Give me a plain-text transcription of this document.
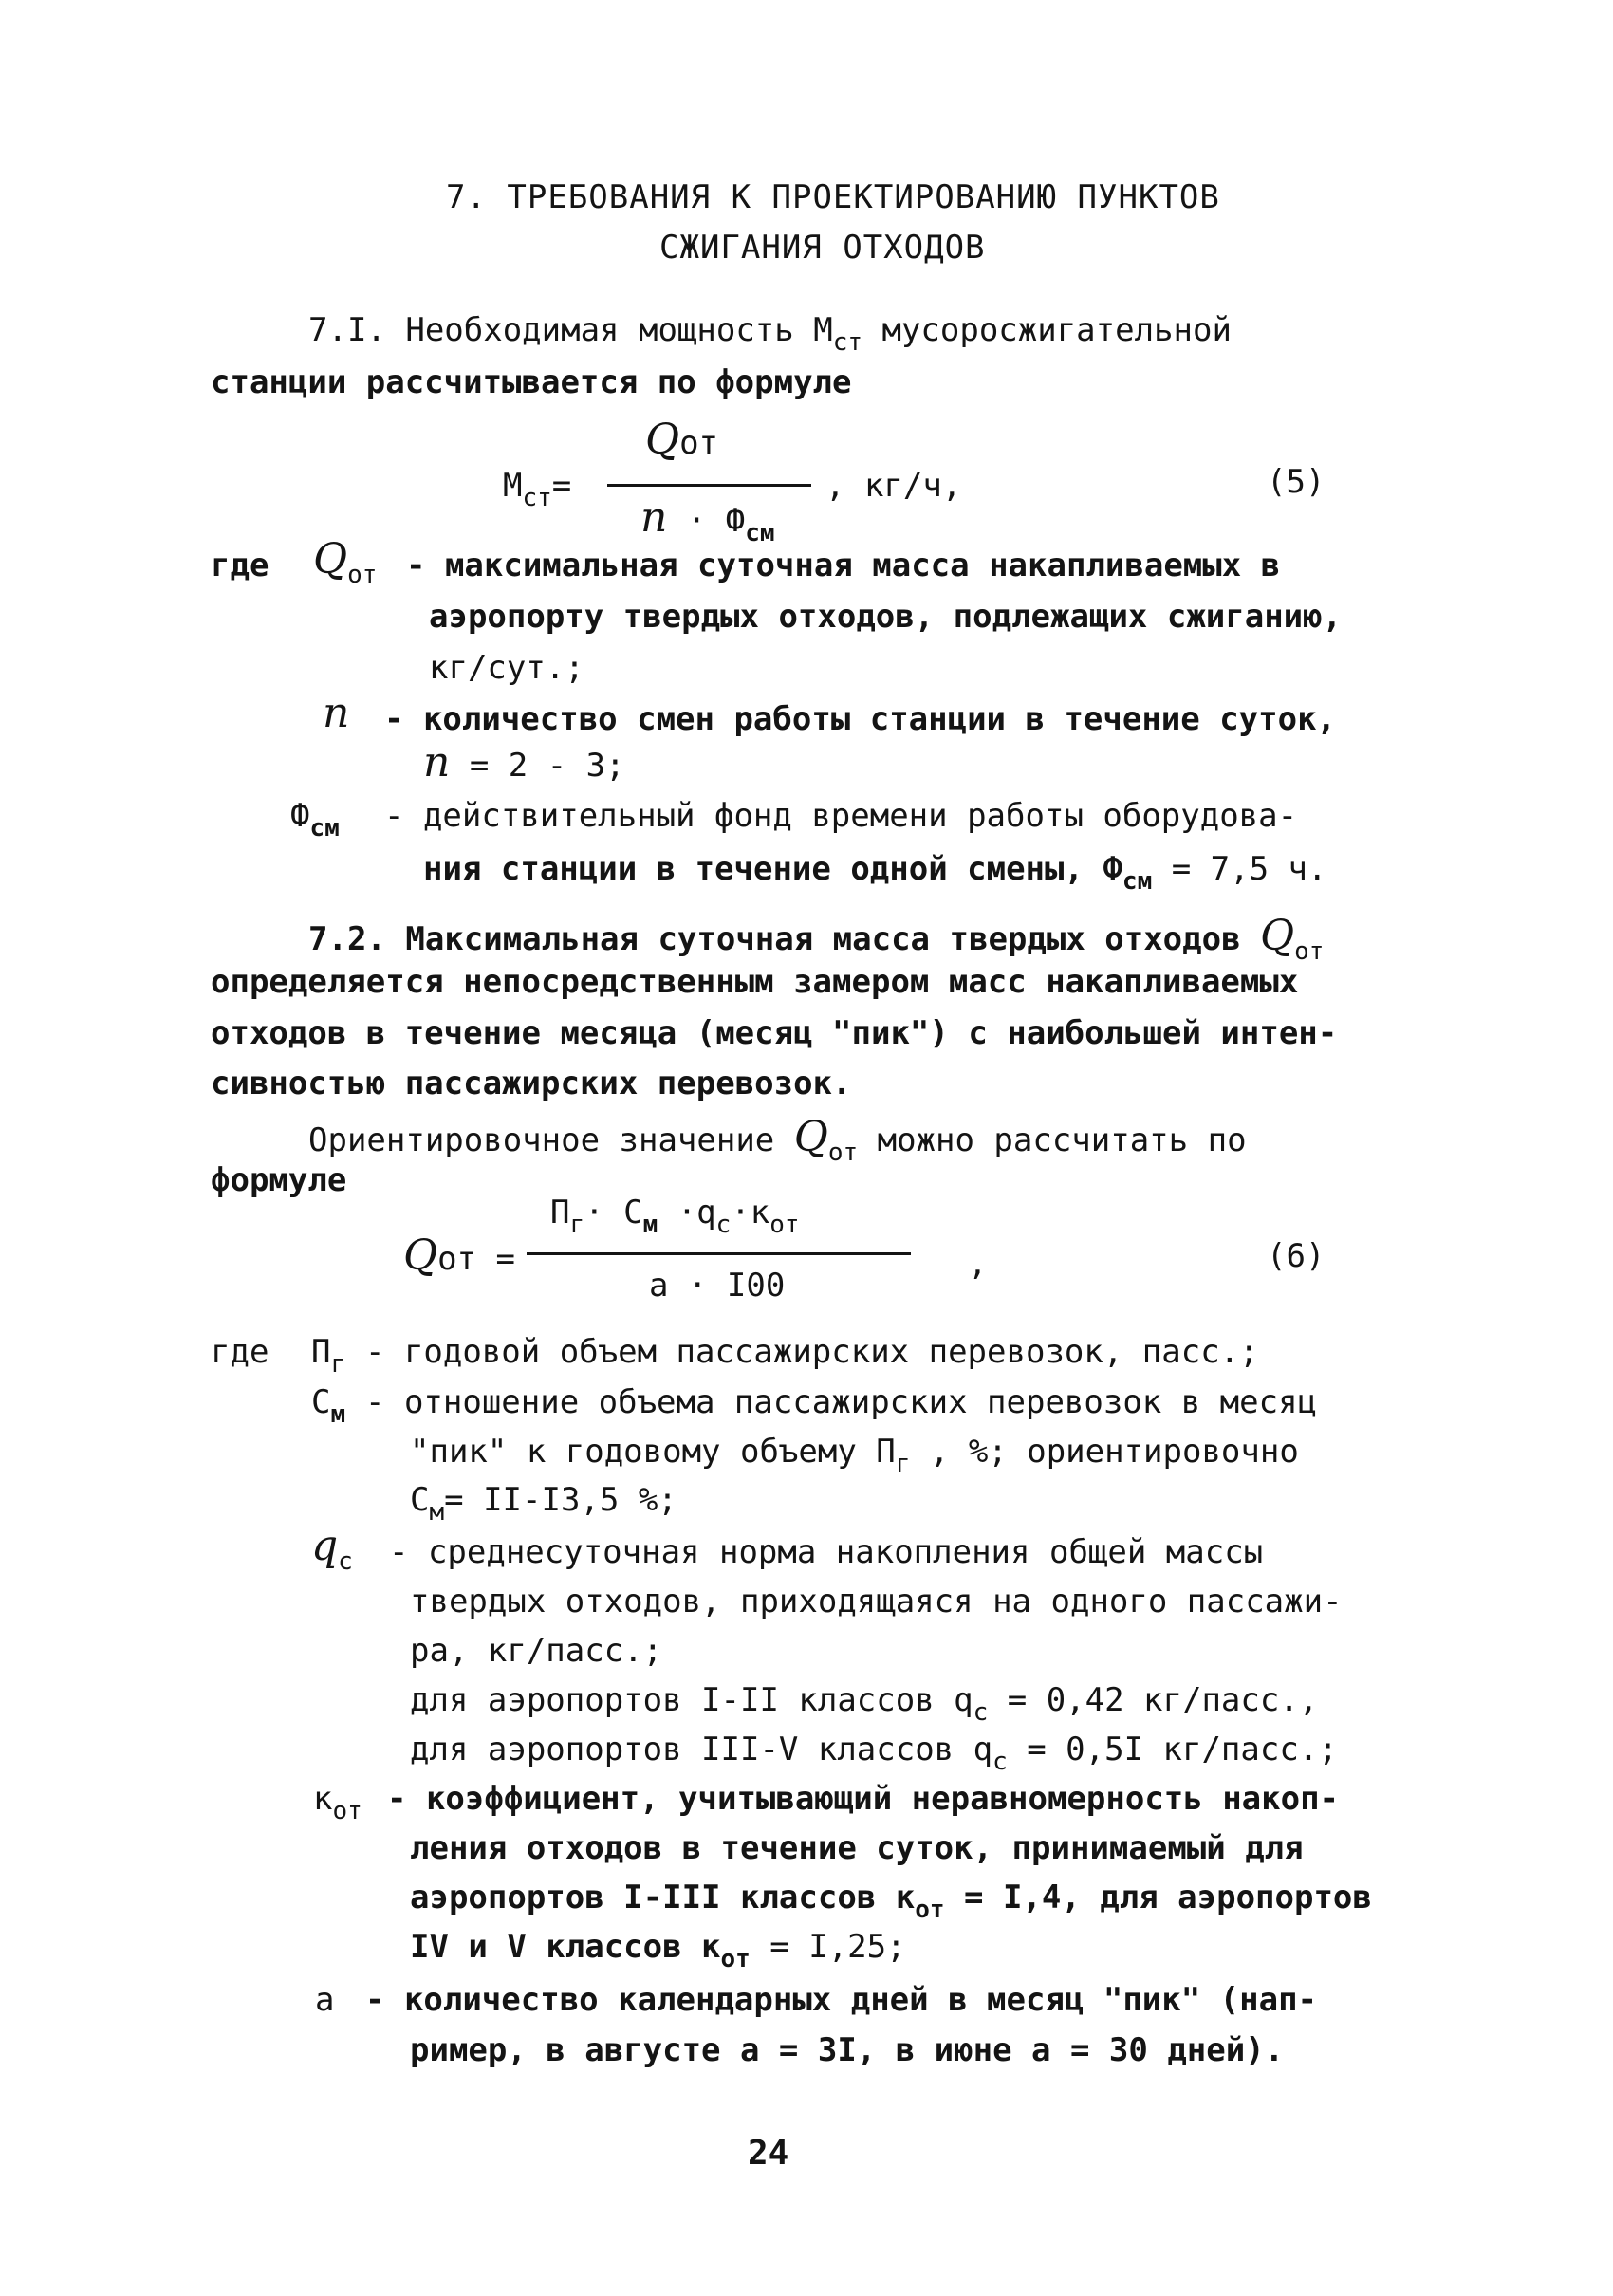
7. ТРЕБОВАНИЯ К ПРОЕКТИРОВАНИЮ ПУНКТОВ
СЖИГАНИЯ ОТХОДОВ
7.I. Необходимая мощность $М_{ст}$ мусоросжигательной
станции рассчитывается по формуле
$М_{ст}=$
Qот
$n \cdot Ф_{см}$
, кг/ч,	(5)
где $Q_{от}$ - максимальная суточная масса накапливаемых в
аэропорту твердых отходов, подлежащих сжиганию,
кг/сут.;
n - количество смен работы станции в течение суток,
n = 2 - 3;
$Ф_{см}$ - действительный фонд времени работы оборудова-
ния станции в течение одной смены, $Ф_{см} = 7,5$ ч.
7.2. Максимальная суточная масса твердых отходов $Q_{от}$
определяется непосредственным замером масс накапливаемых
отходов в течение месяца (месяц "пик") с наибольшей интен-
сивностью пассажирских перевозок.
Ориентировочное значение $Q_{от}$ можно рассчитать по
формуле
Qот =
$П_г\cdot С_м \cdot q_c\cdot к_{от}$
а · I00
,	(6)
где $П_г$ - годовой объем пассажирских перевозок, пасс.;
$С_м$ - отношение объема пассажирских перевозок в месяц
"пик" к годовому объему $П_г$ , %; ориентировочно
$С_м= II-I3,5$ %;
$q_c$ - среднесуточная норма накопления общей массы
твердых отходов, приходящаяся на одного пассажи-
ра, кг/пасс.;
для аэропортов I-II классов $q_c = 0,42$ кг/пасс.,
для аэропортов III-V классов $q_c = 0,5I$ кг/пасс.;
$к_{от}$ - коэффициент, учитывающий неравномерность накоп-
ления отходов в течение суток, принимаемый для
аэропортов I-III классов $к_{от} = I,4$, для аэропортов
IV и V классов $к_{от} = I,25$;
а - количество календарных дней в месяц "пик" (нап-
ример, в августе а = 3I, в июне а = 30 дней).
24
